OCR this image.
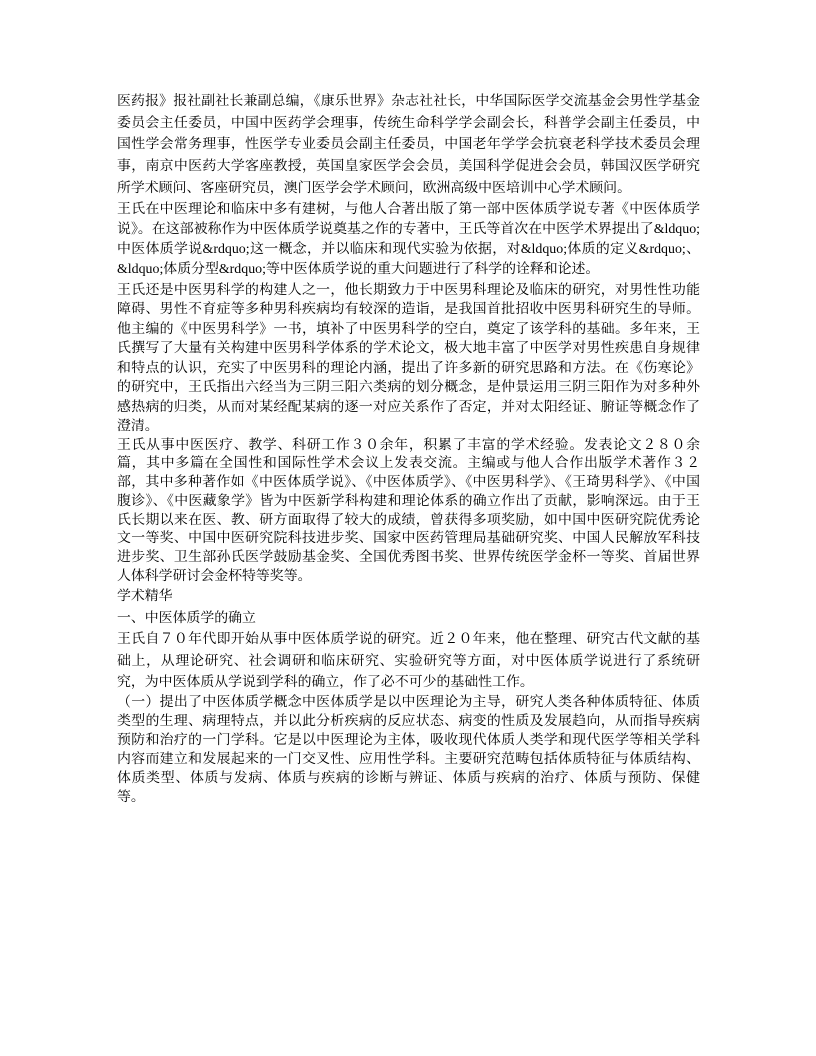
医药报》报社副社长兼副总编，《康乐世界》杂志社社长，中华国际医学交流基金会男性学基金委员会主任委员，中国中医药学会理事，传统生命科学学会副会长，科普学会副主任委员，中国性学会常务理事，性医学专业委员会副主任委员，中国老年学学会抗衰老科学技术委员会理事，南京中医药大学客座教授，英国皇家医学会会员，美国科学促进会会员，韩国汉医学研究所学术顾问、客座研究员，澳门医学会学术顾问，欧洲高级中医培训中心学术顾问。

王氏在中医理论和临床中多有建树，与他人合著出版了第一部中医体质学说专著《中医体质学说》。在这部被称作为中医体质学说奠基之作的专著中，王氏等首次在中医学术界提出了&ldquo;中医体质学说&rdquo;这一概念，并以临床和现代实验为依据，对&ldquo;体质的定义&rdquo;、&ldquo;体质分型&rdquo;等中医体质学说的重大问题进行了科学的诠释和论述。

王氏还是中医男科学的构建人之一，他长期致力于中医男科理论及临床的研究，对男性性功能障碍、男性不育症等多种男科疾病均有较深的造诣，是我国首批招收中医男科研究生的导师。他主编的《中医男科学》一书，填补了中医男科学的空白，奠定了该学科的基础。多年来，王氏撰写了大量有关构建中医男科学体系的学术论文，极大地丰富了中医学对男性疾患自身规律和特点的认识，充实了中医男科的理论内涵，提出了许多新的研究思路和方法。在《伤寒论》的研究中，王氏指出六经当为三阴三阳六类病的划分概念，是仲景运用三阴三阳作为对多种外感热病的归类，从而对某经配某病的逐一对应关系作了否定，并对太阳经证、腑证等概念作了澄清。

王氏从事中医医疗、教学、科研工作３０余年，积累了丰富的学术经验。发表论文２８０余篇，其中多篇在全国性和国际性学术会议上发表交流。主编或与他人合作出版学术著作３２部，其中多种著作如《中医体质学说》、《中医体质学》、《中医男科学》、《王琦男科学》、《中国腹诊》、《中医藏象学》皆为中医新学科构建和理论体系的确立作出了贡献，影响深远。由于王氏长期以来在医、教、研方面取得了较大的成绩，曾获得多项奖励，如中国中医研究院优秀论文一等奖、中国中医研究院科技进步奖、国家中医药管理局基础研究奖、中国人民解放军科技进步奖、卫生部孙氏医学鼓励基金奖、全国优秀图书奖、世界传统医学金杯一等奖、首届世界人体科学研讨会金杯特等奖等。

学术精华
一、中医体质学的确立

王氏自７０年代即开始从事中医体质学说的研究。近２０年来，他在整理、研究古代文献的基础上，从理论研究、社会调研和临床研究、实验研究等方面，对中医体质学说进行了系统研究，为中医体质从学说到学科的确立，作了必不可少的基础性工作。

（一）提出了中医体质学概念中医体质学是以中医理论为主导，研究人类各种体质特征、体质类型的生理、病理特点，并以此分析疾病的反应状态、病变的性质及发展趋向，从而指导疾病预防和治疗的一门学科。它是以中医理论为主体，吸收现代体质人类学和现代医学等相关学科内容而建立和发展起来的一门交叉性、应用性学科。主要研究范畴包括体质特征与体质结构、体质类型、体质与发病、体质与疾病的诊断与辨证、体质与疾病的治疗、体质与预防、保健等。
